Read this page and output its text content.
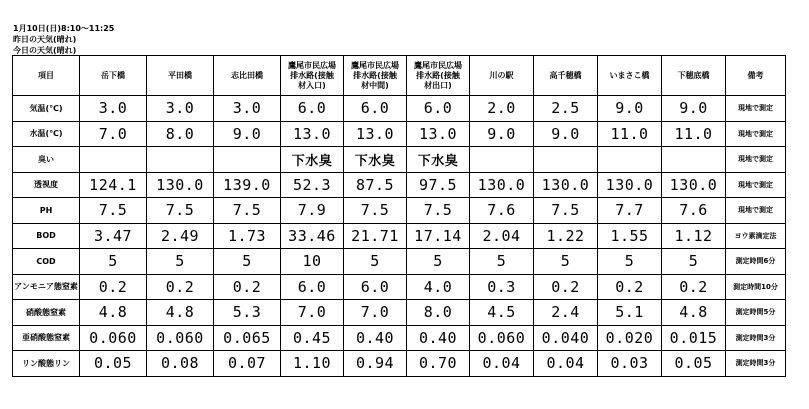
1月10日(日)8:10〜11:25
昨日の天気(晴れ)
今日の天気(晴れ)
項目	岳下橋	平田橋	志比田橋	鷹尾市民広場
排水路(接触
材入口)	鷹尾市民広場
排水路(接触
材中間)	鷹尾市民広場
排水路(接触
材出口)	川の駅	高千穂橋	いまさこ橋	下穂底橋	備考
気温(℃)	3.0	3.0	3.0	6.0	6.0	6.0	2.0	2.5	9.0	9.0	現地で測定
水温(℃)	7.0	8.0	9.0	13.0	13.0	13.0	9.0	9.0	11.0	11.0	現地で測定
臭い				下水臭	下水臭	下水臭					現地で測定
透視度	124.1	130.0	139.0	52.3	87.5	97.5	130.0	130.0	130.0	130.0	現地で測定
PH	7.5	7.5	7.5	7.9	7.5	7.5	7.6	7.5	7.7	7.6	現地で測定
BOD	3.47	2.49	1.73	33.46	21.71	17.14	2.04	1.22	1.55	1.12	ヨウ素滴定法
COD	5	5	5	10	5	5	5	5	5	5	測定時間6分
アンモニア態窒素	0.2	0.2	0.2	6.0	6.0	4.0	0.3	0.2	0.2	0.2	測定時間10分
硝酸態窒素	4.8	4.8	5.3	7.0	7.0	8.0	4.5	2.4	5.1	4.8	測定時間5分
亜硝酸態窒素	0.060	0.060	0.065	0.45	0.40	0.40	0.060	0.040	0.020	0.015	測定時間3分
リン酸態リン	0.05	0.08	0.07	1.10	0.94	0.70	0.04	0.04	0.03	0.05	測定時間3分
